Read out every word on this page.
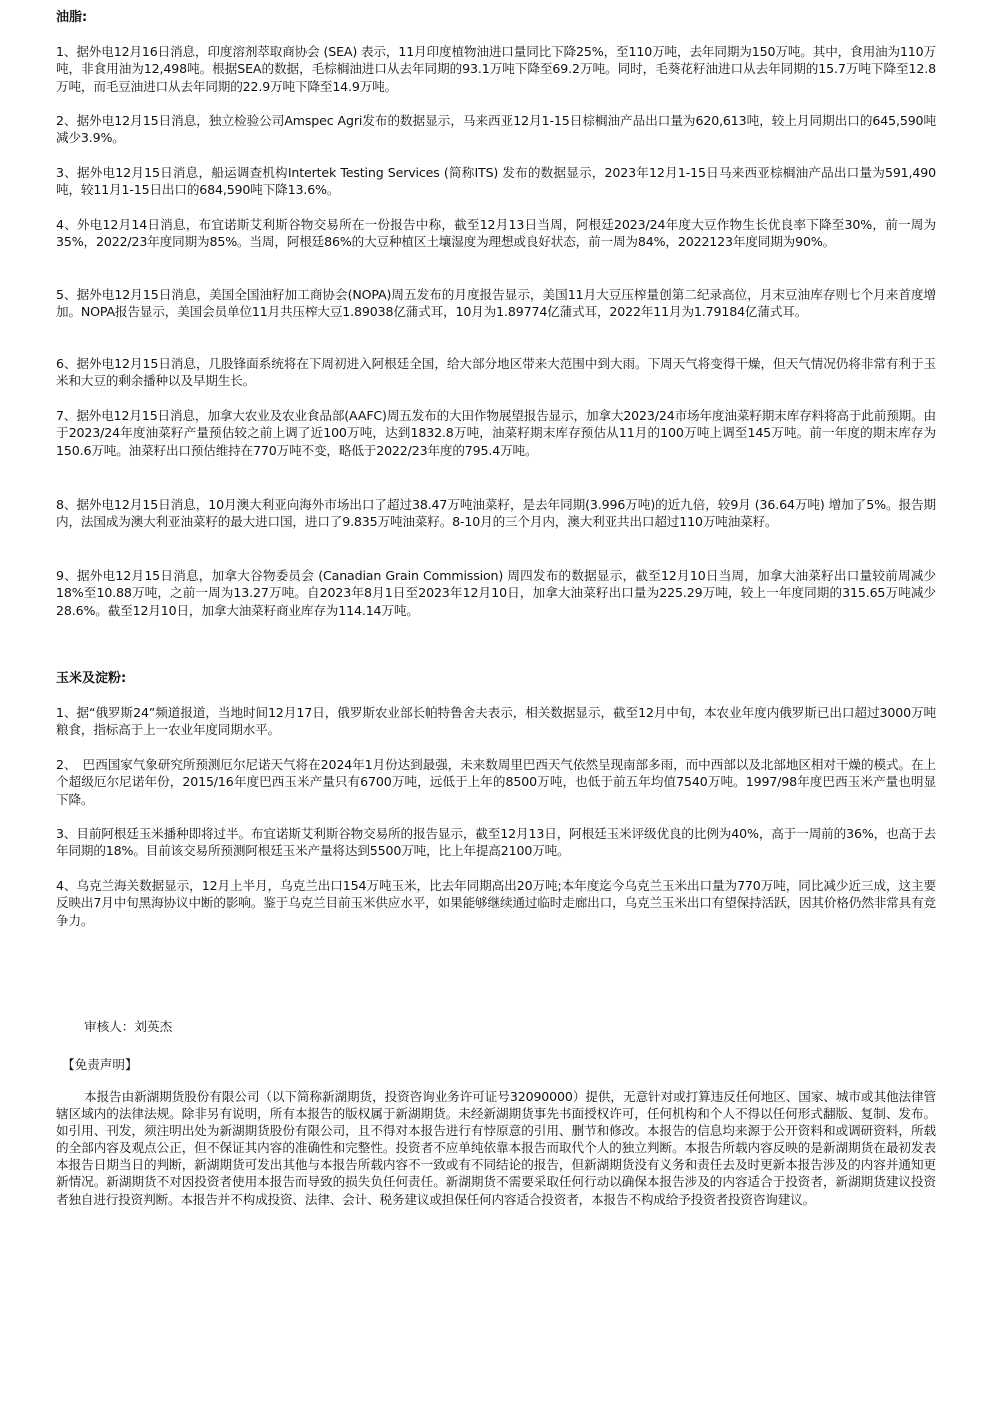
油脂:

1、据外电12月16日消息，印度溶剂萃取商协会 (SEA) 表示，11月印度植物油进口量同比下降25%，至110万吨，去年同期为150万吨。其中，食用油为110万吨，非食用油为12,498吨。根据SEA的数据，毛棕榈油进口从去年同期的93.1万吨下降至69.2万吨。同时，毛葵花籽油进口从去年同期的15.7万吨下降至12.8万吨，而毛豆油进口从去年同期的22.9万吨下降至14.9万吨。

2、据外电12月15日消息，独立检验公司Amspec Agri发布的数据显示，马来西亚12月1-15日棕榈油产品出口量为620,613吨，较上月同期出口的645,590吨减少3.9%。

3、据外电12月15日消息，船运调查机构Intertek Testing Services (简称ITS) 发布的数据显示，2023年12月1-15日马来西亚棕榈油产品出口量为591,490吨，较11月1-15日出口的684,590吨下降13.6%。

4、外电12月14日消息，布宜诺斯艾利斯谷物交易所在一份报告中称，截至12月13日当周，阿根廷2023/24年度大豆作物生长优良率下降至30%，前一周为35%，2022/23年度同期为85%。当周，阿根廷86%的大豆种植区土壤湿度为理想或良好状态，前一周为84%，2022123年度同期为90%。

5、据外电12月15日消息，美国全国油籽加工商协会(NOPA)周五发布的月度报告显示，美国11月大豆压榨量创第二纪录高位，月末豆油库存则七个月来首度增加。NOPA报告显示，美国会员单位11月共压榨大豆1.89038亿蒲式耳，10月为1.89774亿蒲式耳，2022年11月为1.79184亿蒲式耳。

6、据外电12月15日消息，几股锋面系统将在下周初进入阿根廷全国，给大部分地区带来大范围中到大雨。下周天气将变得干燥，但天气情况仍将非常有利于玉米和大豆的剩余播种以及早期生长。

7、据外电12月15日消息，加拿大农业及农业食品部(AAFC)周五发布的大田作物展望报告显示，加拿大2023/24市场年度油菜籽期末库存料将高于此前预期。由于2023/24年度油菜籽产量预估较之前上调了近100万吨，达到1832.8万吨，油菜籽期末库存预估从11月的100万吨上调至145万吨。前一年度的期末库存为150.6万吨。油菜籽出口预估维持在770万吨不变，略低于2022/23年度的795.4万吨。

8、据外电12月15日消息，10月澳大利亚向海外市场出口了超过38.47万吨油菜籽，是去年同期(3.996万吨)的近九倍，较9月 (36.64万吨) 增加了5%。报告期内，法国成为澳大利亚油菜籽的最大进口国，进口了9.835万吨油菜籽。8-10月的三个月内，澳大利亚共出口超过110万吨油菜籽。

9、据外电12月15日消息，加拿大谷物委员会 (Canadian Grain Commission) 周四发布的数据显示，截至12月10日当周，加拿大油菜籽出口量较前周减少18%至10.88万吨，之前一周为13.27万吨。自2023年8月1日至2023年12月10日，加拿大油菜籽出口量为225.29万吨，较上一年度同期的315.65万吨减少28.6%。截至12月10日，加拿大油菜籽商业库存为114.14万吨。

玉米及淀粉:

1、据“俄罗斯24”频道报道，当地时间12月17日，俄罗斯农业部长帕特鲁舍夫表示，相关数据显示，截至12月中旬，本农业年度内俄罗斯已出口超过3000万吨粮食，指标高于上一农业年度同期水平。

2、　巴西国家气象研究所预测厄尔尼诺天气将在2024年1月份达到最强，未来数周里巴西天气依然呈现南部多雨，而中西部以及北部地区相对干燥的模式。在上个超级厄尔尼诺年份，2015/16年度巴西玉米产量只有6700万吨，远低于上年的8500万吨，也低于前五年均值7540万吨。1997/98年度巴西玉米产量也明显下降。

3、目前阿根廷玉米播种即将过半。布宜诺斯艾利斯谷物交易所的报告显示，截至12月13日，阿根廷玉米评级优良的比例为40%，高于一周前的36%，也高于去年同期的18%。目前该交易所预测阿根廷玉米产量将达到5500万吨，比上年提高2100万吨。

4、乌克兰海关数据显示，12月上半月，乌克兰出口154万吨玉米，比去年同期高出20万吨;本年度迄今乌克兰玉米出口量为770万吨，同比减少近三成，这主要反映出7月中旬黑海协议中断的影响。鉴于乌克兰目前玉米供应水平，如果能够继续通过临时走廊出口，乌克兰玉米出口有望保持活跃，因其价格仍然非常具有竞争力。

审核人：刘英杰

【免责声明】

本报告由新湖期货股份有限公司（以下简称新湖期货，投资咨询业务许可证号32090000）提供，无意针对或打算违反任何地区、国家、城市或其他法律管辖区域内的法律法规。除非另有说明，所有本报告的版权属于新湖期货。未经新湖期货事先书面授权许可，任何机构和个人不得以任何形式翻版、复制、发布。如引用、刊发，须注明出处为新湖期货股份有限公司，且不得对本报告进行有悖原意的引用、删节和修改。本报告的信息均来源于公开资料和或调研资料，所载的全部内容及观点公正，但不保证其内容的准确性和完整性。投资者不应单纯依靠本报告而取代个人的独立判断。本报告所载内容反映的是新湖期货在最初发表本报告日期当日的判断，新湖期货可发出其他与本报告所载内容不一致或有不同结论的报告，但新湖期货没有义务和责任去及时更新本报告涉及的内容并通知更新情况。新湖期货不对因投资者使用本报告而导致的损失负任何责任。新湖期货不需要采取任何行动以确保本报告涉及的内容适合于投资者，新湖期货建议投资者独自进行投资判断。本报告并不构成投资、法律、会计、税务建议或担保任何内容适合投资者，本报告不构成给予投资者投资咨询建议。
